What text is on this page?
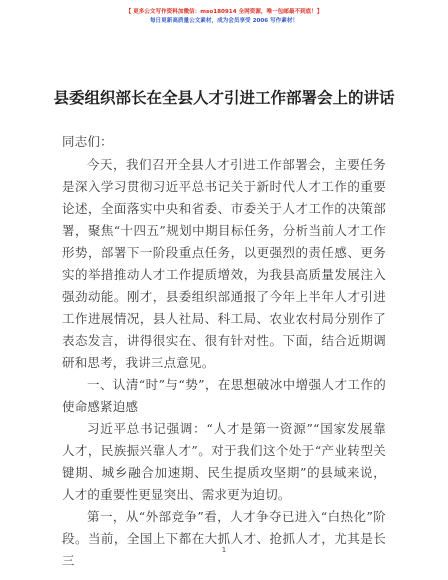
【 更多公文写作资料加微信：mso180914 全网资源，唯一包邮最不到底！】
每日更新高质量公文素材，成为会员享受 2006 写作素材！
县委组织部长在全县人才引进工作部署会上的讲话

同志们：

今天，我们召开全县人才引进工作部署会，主要任务是深入学习贯彻习近平总书记关于新时代人才工作的重要论述，全面落实中央和省委、市委关于人才工作的决策部署，聚焦“十四五”规划中期目标任务，分析当前人才工作形势，部署下一阶段重点任务，以更强烈的责任感、更务实的举措推动人才工作提质增效，为我县高质量发展注入强劲动能。刚才，县委组织部通报了今年上半年人才引进工作进展情况，县人社局、科工局、农业农村局分别作了表态发言，讲得很实在、很有针对性。下面，结合近期调研和思考，我讲三点意见。

一、认清“时”与“势”，在思想破冰中增强人才工作的使命感紧迫感

习近平总书记强调：“人才是第一资源”“国家发展靠人才，民族振兴靠人才”。对于我们这个处于“产业转型关键期、城乡融合加速期、民生提质攻坚期”的县域来说，人才的重要性更显突出、需求更为迫切。

第一，从“外部竞争”看，人才争夺已进入“白热化”阶段。当前，全国上下都在大抓人才、抢抓人才，尤其是长三

1
